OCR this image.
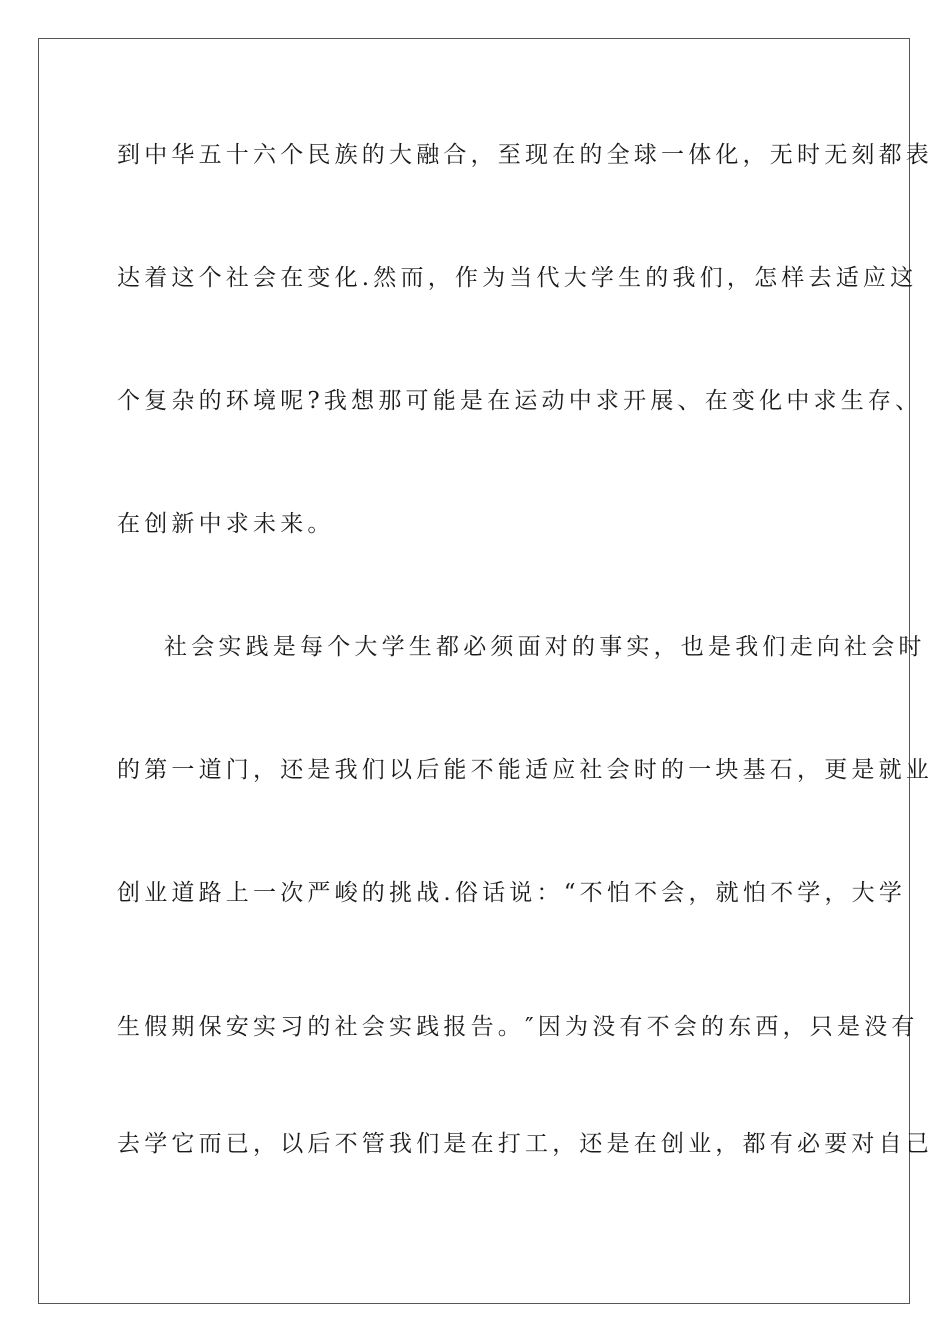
到中华五十六个民族的大融合，至现在的全球一体化，无时无刻都表
达着这个社会在变化.然而，作为当代大学生的我们，怎样去适应这
个复杂的环境呢?我想那可能是在运动中求开展、在变化中求生存、
在创新中求未来。
社会实践是每个大学生都必须面对的事实，也是我们走向社会时
的第一道门，还是我们以后能不能适应社会时的一块基石，更是就业
创业道路上一次严峻的挑战.俗话说：“不怕不会，就怕不学，大学
生假期保安实习的社会实践报告。″因为没有不会的东西，只是没有
去学它而已，以后不管我们是在打工，还是在创业，都有必要对自己
